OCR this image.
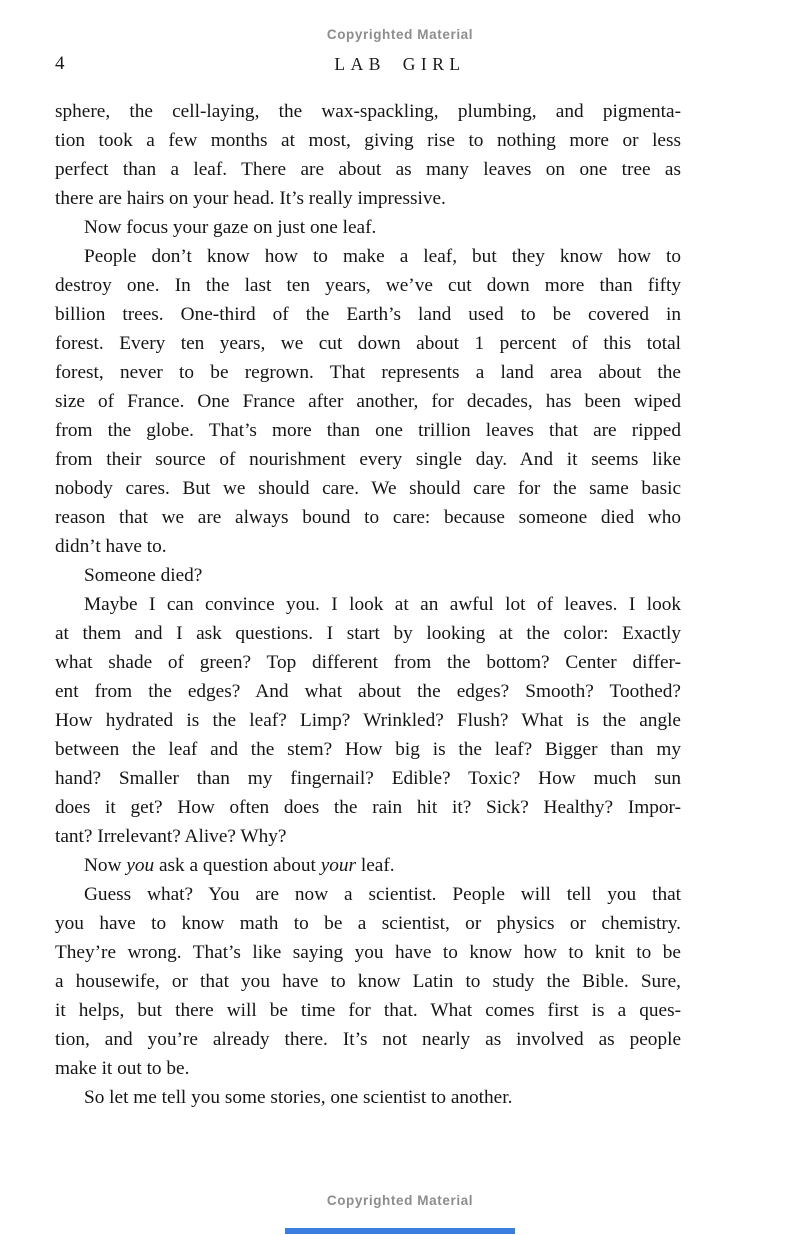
Copyrighted Material
4	LAB GIRL
sphere, the cell-laying, the wax-spackling, plumbing, and pigmenta-
tion took a few months at most, giving rise to nothing more or less
perfect than a leaf. There are about as many leaves on one tree as
there are hairs on your head. It’s really impressive.
Now focus your gaze on just one leaf.
People don’t know how to make a leaf, but they know how to
destroy one. In the last ten years, we’ve cut down more than fifty
billion trees. One-third of the Earth’s land used to be covered in
forest. Every ten years, we cut down about 1 percent of this total
forest, never to be regrown. That represents a land area about the
size of France. One France after another, for decades, has been wiped
from the globe. That’s more than one trillion leaves that are ripped
from their source of nourishment every single day. And it seems like
nobody cares. But we should care. We should care for the same basic
reason that we are always bound to care: because someone died who
didn’t have to.
Someone died?
Maybe I can convince you. I look at an awful lot of leaves. I look
at them and I ask questions. I start by looking at the color: Exactly
what shade of green? Top different from the bottom? Center differ-
ent from the edges? And what about the edges? Smooth? Toothed?
How hydrated is the leaf? Limp? Wrinkled? Flush? What is the angle
between the leaf and the stem? How big is the leaf? Bigger than my
hand? Smaller than my fingernail? Edible? Toxic? How much sun
does it get? How often does the rain hit it? Sick? Healthy? Impor-
tant? Irrelevant? Alive? Why?
Now you ask a question about your leaf.
Guess what? You are now a scientist. People will tell you that
you have to know math to be a scientist, or physics or chemistry.
They’re wrong. That’s like saying you have to know how to knit to be
a housewife, or that you have to know Latin to study the Bible. Sure,
it helps, but there will be time for that. What comes first is a ques-
tion, and you’re already there. It’s not nearly as involved as people
make it out to be.
So let me tell you some stories, one scientist to another.
Copyrighted Material
